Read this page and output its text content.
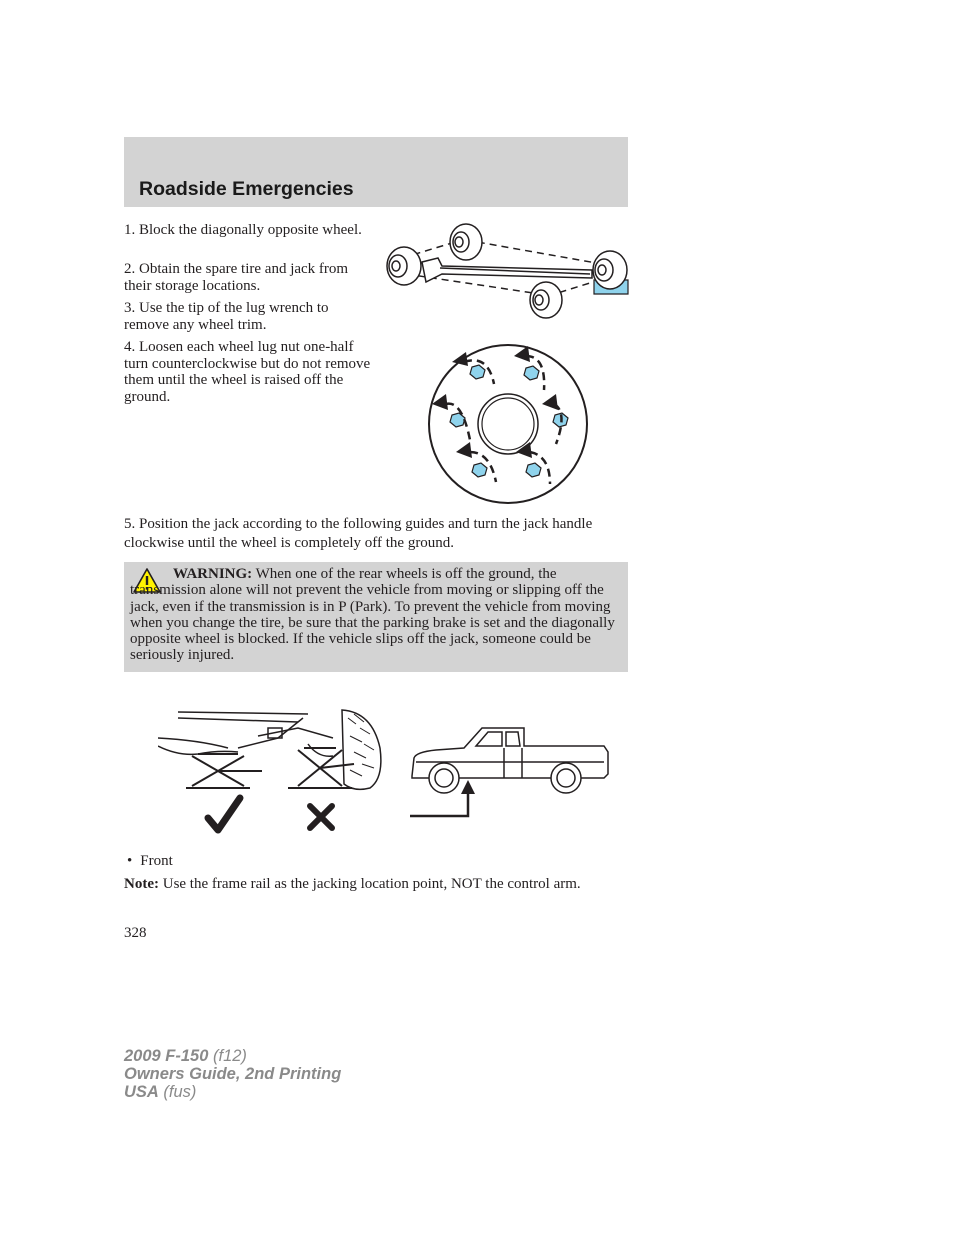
Roadside Emergencies

1. Block the diagonally opposite wheel.

2. Obtain the spare tire and jack from their storage locations.

3. Use the tip of the lug wrench to remove any wheel trim.

4. Loosen each wheel lug nut one-half turn counterclockwise but do not remove them until the wheel is raised off the ground.

5. Position the jack according to the following guides and turn the jack handle clockwise until the wheel is completely off the ground.

WARNING: When one of the rear wheels is off the ground, the transmission alone will not prevent the vehicle from moving or slipping off the jack, even if the transmission is in P (Park). To prevent the vehicle from moving when you change the tire, be sure that the parking brake is set and the diagonally opposite wheel is blocked. If the vehicle slips off the jack, someone could be seriously injured.

• Front

Note: Use the frame rail as the jacking location point, NOT the control arm.

328

2009 F-150 (f12)
Owners Guide, 2nd Printing
USA (fus)
